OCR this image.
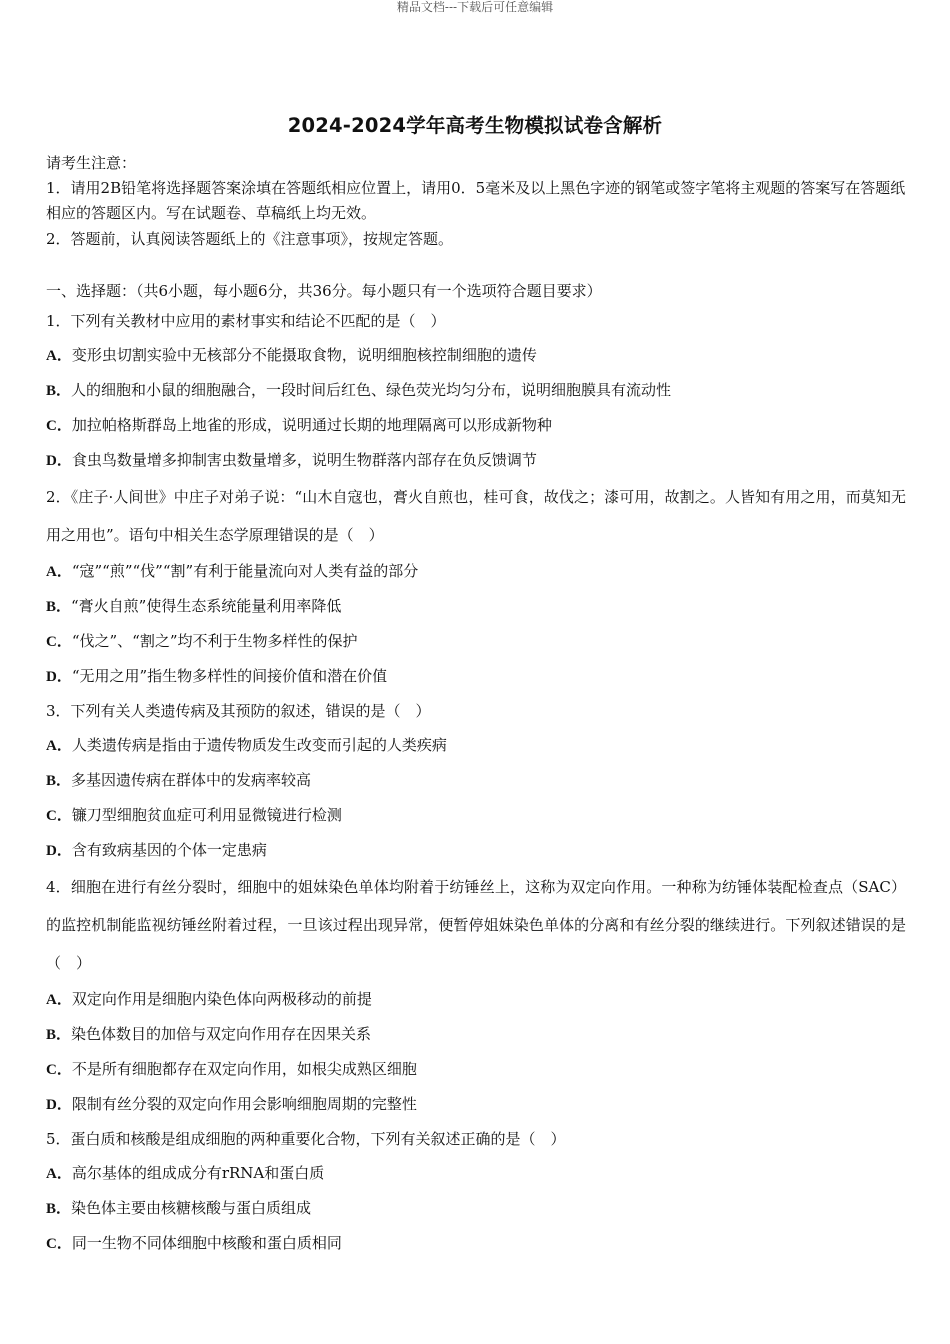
精品文档---下载后可任意编辑
2024-2024学年高考生物模拟试卷含解析
请考生注意：
1．请用2B铅笔将选择题答案涂填在答题纸相应位置上，请用0．5毫米及以上黑色字迹的钢笔或签字笔将主观题的答案写在答题纸相应的答题区内。写在试题卷、草稿纸上均无效。
2．答题前，认真阅读答题纸上的《注意事项》，按规定答题。
一、选择题：（共6小题，每小题6分，共36分。每小题只有一个选项符合题目要求）
1．下列有关教材中应用的素材事实和结论不匹配的是（　）
A．变形虫切割实验中无核部分不能摄取食物，说明细胞核控制细胞的遗传
B．人的细胞和小鼠的细胞融合，一段时间后红色、绿色荧光均匀分布，说明细胞膜具有流动性
C．加拉帕格斯群岛上地雀的形成，说明通过长期的地理隔离可以形成新物种
D．食虫鸟数量增多抑制害虫数量增多，说明生物群落内部存在负反馈调节
2．《庄子·人间世》中庄子对弟子说：“山木自寇也，膏火自煎也，桂可食，故伐之；漆可用，故割之。人皆知有用之用，而莫知无用之用也”。语句中相关生态学原理错误的是（　）
A．“寇”“煎”“伐”“割”有利于能量流向对人类有益的部分
B．“膏火自煎”使得生态系统能量利用率降低
C．“伐之”、“割之”均不利于生物多样性的保护
D．“无用之用”指生物多样性的间接价值和潜在价值
3．下列有关人类遗传病及其预防的叙述，错误的是（　）
A．人类遗传病是指由于遗传物质发生改变而引起的人类疾病
B．多基因遗传病在群体中的发病率较高
C．镰刀型细胞贫血症可利用显微镜进行检测
D．含有致病基因的个体一定患病
4．细胞在进行有丝分裂时，细胞中的姐妹染色单体均附着于纺锤丝上，这称为双定向作用。一种称为纺锤体装配检查点（SAC）的监控机制能监视纺锤丝附着过程，一旦该过程出现异常，便暂停姐妹染色单体的分离和有丝分裂的继续进行。下列叙述错误的是（　）
A．双定向作用是细胞内染色体向两极移动的前提
B．染色体数目的加倍与双定向作用存在因果关系
C．不是所有细胞都存在双定向作用，如根尖成熟区细胞
D．限制有丝分裂的双定向作用会影响细胞周期的完整性
5．蛋白质和核酸是组成细胞的两种重要化合物，下列有关叙述正确的是（　）
A．高尔基体的组成成分有rRNA和蛋白质
B．染色体主要由核糖核酸与蛋白质组成
C．同一生物不同体细胞中核酸和蛋白质相同
